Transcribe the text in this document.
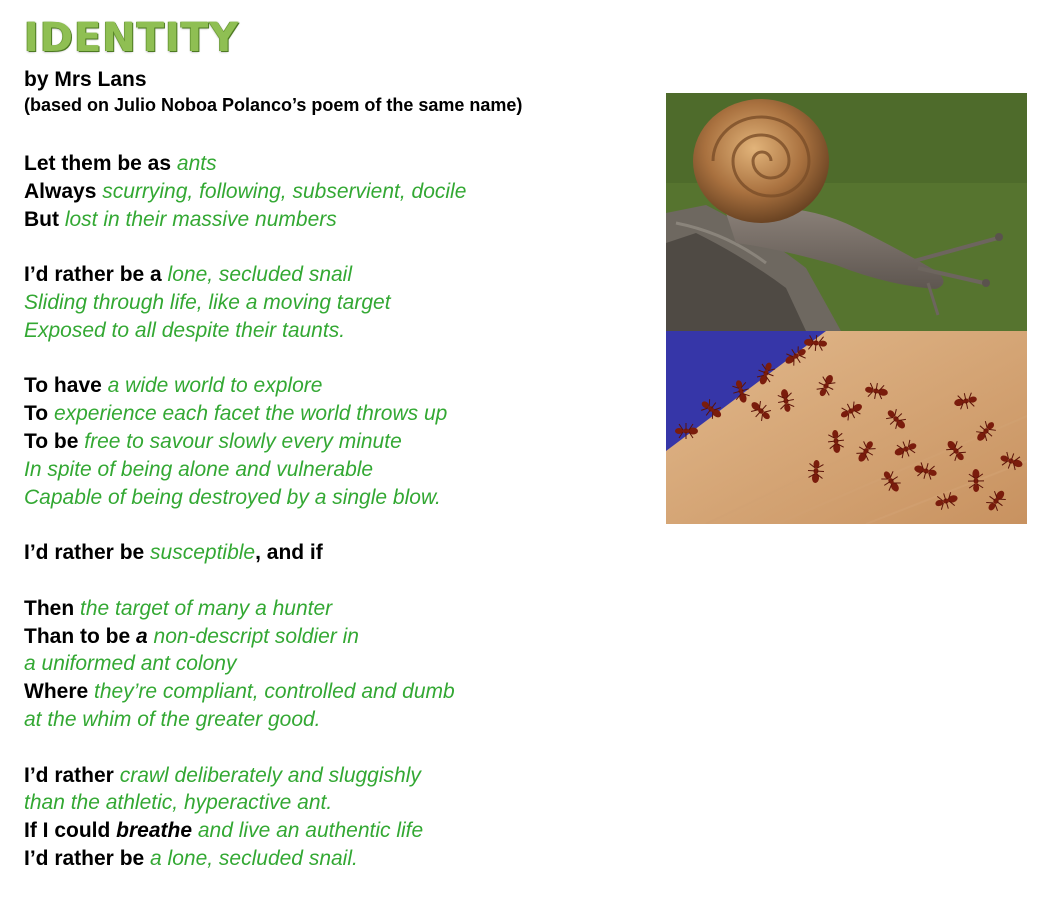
IDENTITY
by Mrs Lans
(based on Julio Noboa Polanco’s poem of the same name)
Let them be as ants
Always scurrying, following, subservient, docile
But lost in their massive numbers
I’d rather be a lone, secluded snail
Sliding through life, like a moving target
Exposed to all despite their taunts.
To have a wide world to explore
To experience each facet the world throws up
To be free to savour slowly every minute
In spite of being alone and vulnerable
Capable of being destroyed by a single blow.
I’d rather be susceptible, and if
Then the target of many a hunter
Than to be a non-descript soldier in
a uniformed ant colony
Where they’re compliant, controlled and dumb
at the whim of the greater good.
I’d rather crawl deliberately and sluggishly
than the athletic, hyperactive ant.
If I could breathe and live an authentic life
I’d rather be a lone, secluded snail.
